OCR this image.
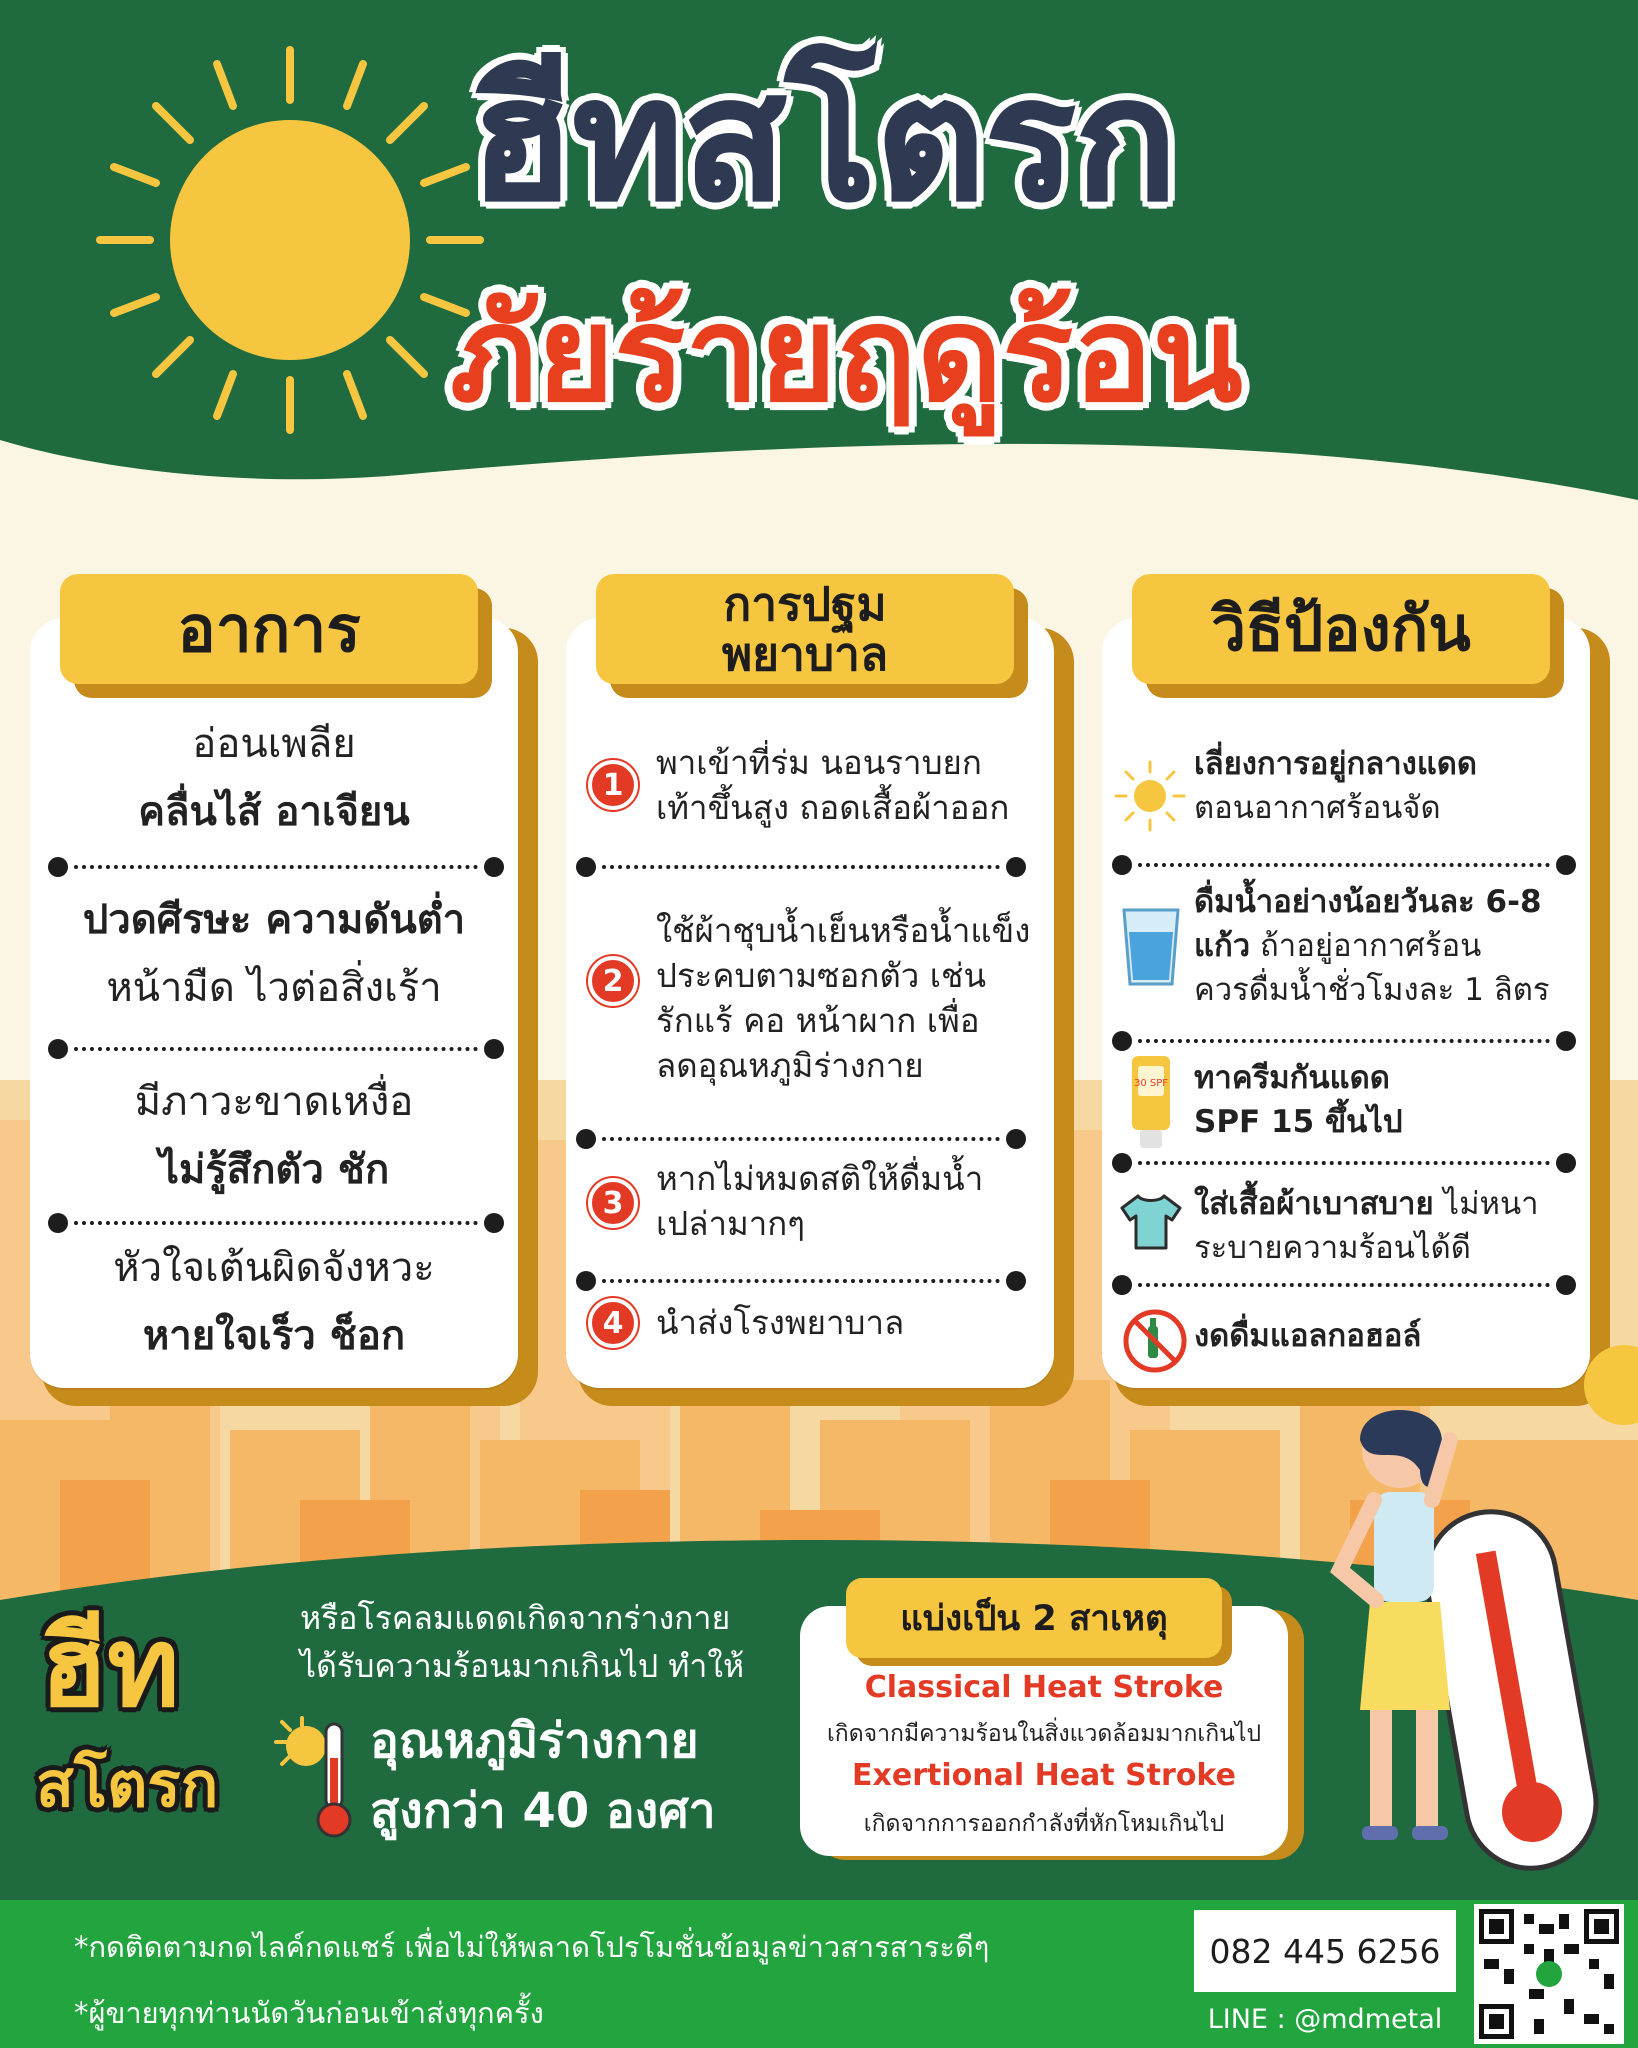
ฮีทสโตรก
ภัยร้ายฤดูร้อน
อาการ
อ่อนเพลีย
คลื่นไส้ อาเจียน
ปวดศีรษะ ความดันต่ำ
หน้ามืด ไวต่อสิ่งเร้า
มีภาวะขาดเหงื่อ
ไม่รู้สึกตัว ชัก
หัวใจเต้นผิดจังหวะ
หายใจเร็ว ช็อก
การปฐม
พยาบาล
1
พาเข้าที่ร่ม นอนราบยก
เท้าขึ้นสูง ถอดเสื้อผ้าออก
2
ใช้ผ้าชุบน้ำเย็นหรือน้ำแข็ง
ประคบตามซอกตัว เช่น
รักแร้ คอ หน้าผาก เพื่อ
ลดอุณหภูมิร่างกาย
3
หากไม่หมดสติให้ดื่มน้ำ
เปล่ามากๆ
4 นำส่งโรงพยาบาล
วิธีป้องกัน
เลี่ยงการอยู่กลางแดด
ตอนอากาศร้อนจัด
ดื่มน้ำอย่างน้อยวันละ 6-8
แก้ว ถ้าอยู่อากาศร้อน
ควรดื่มน้ำชั่วโมงละ 1 ลิตร
30 SPF ทาครีมกันแดด
SPF 15 ขึ้นไป
ใส่เสื้อผ้าเบาสบาย ไม่หนา
ระบายความร้อนได้ดี
งดดื่มแอลกอฮอล์
ฮีท
สโตรก
หรือโรคลมแดดเกิดจากร่างกาย
ได้รับความร้อนมากเกินไป ทำให้
อุณหภูมิร่างกาย
สูงกว่า 40 องศา
แบ่งเป็น 2 สาเหตุ
Classical Heat Stroke
เกิดจากมีความร้อนในสิ่งแวดล้อมมากเกินไป
Exertional Heat Stroke
เกิดจากการออกกำลังที่หักโหมเกินไป
*กดติดตามกดไลค์กดแชร์ เพื่อไม่ให้พลาดโปรโมชั่นข้อมูลข่าวสารสาระดีๆ
*ผู้ขายทุกท่านนัดวันก่อนเข้าส่งทุกครั้ง
082 445 6256
LINE : @mdmetal
